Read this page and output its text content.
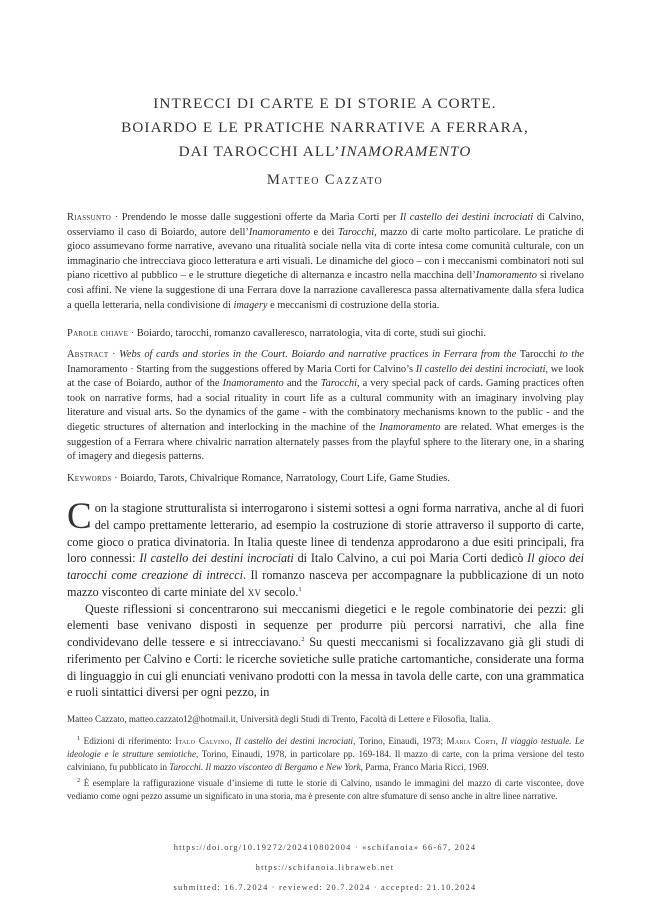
INTRECCI DI CARTE E DI STORIE A CORTE.
BOIARDO E LE PRATICHE NARRATIVE A FERRARA,
DAI TAROCCHI ALL’INAMORAMENTO
Matteo Cazzato
Riassunto · Prendendo le mosse dalle suggestioni offerte da Maria Corti per Il castello dei destini incrociati di Calvino, osserviamo il caso di Boiardo, autore dell’Inamoramento e dei Tarocchi, mazzo di carte molto particolare. Le pratiche di gioco assumevano forme narrative, avevano una ritualità sociale nella vita di corte intesa come comunità culturale, con un immaginario che intrecciava gioco letteratura e arti visuali. Le dinamiche del gioco – con i meccanismi combinatori noti sul piano ricettivo al pubblico – e le strutture diegetiche di alternanza e incastro nella macchina dell’Inamoramento si rivelano così affini. Ne viene la suggestione di una Ferrara dove la narrazione cavalleresca passa alternativamente dalla sfera ludica a quella letteraria, nella condivisione di imagery e meccanismi di costruzione della storia.
Parole chiave · Boiardo, tarocchi, romanzo cavalleresco, narratologia, vita di corte, studi sui giochi.
Abstract · Webs of cards and stories in the Court. Boiardo and narrative practices in Ferrara from the Tarocchi to the Inamoramento · Starting from the suggestions offered by Maria Corti for Calvino’s Il castello dei destini incrociati, we look at the case of Boiardo, author of the Inamoramento and the Tarocchi, a very special pack of cards. Gaming practices often took on narrative forms, had a social rituality in court life as a cultural community with an imaginary involving play literature and visual arts. So the dynamics of the game - with the combinatory mechanisms known to the public - and the diegetic structures of alternation and interlocking in the machine of the Inamoramento are related. What emerges is the suggestion of a Ferrara where chivalric narration alternately passes from the playful sphere to the literary one, in a sharing of imagery and diegesis patterns.
Keywords · Boiardo, Tarots, Chivalrique Romance, Narratology, Court Life, Game Studies.

Con la stagione strutturalista si interrogarono i sistemi sottesi a ogni forma narrativa, anche al di fuori del campo prettamente letterario, ad esempio la costruzione di storie attraverso il supporto di carte, come gioco o pratica divinatoria. In Italia queste linee di tendenza approdarono a due esiti principali, fra loro connessi: Il castello dei destini incrociati di Italo Calvino, a cui poi Maria Corti dedicò Il gioco dei tarocchi come creazione di intrecci. Il romanzo nasceva per accompagnare la pubblicazione di un noto mazzo visconteo di carte miniate del xv secolo.$^1$

Queste riflessioni si concentrarono sui meccanismi diegetici e le regole combinatorie dei pezzi: gli elementi base venivano disposti in sequenze per produrre più percorsi narrativi, che alla fine condividevano delle tessere e si intrecciavano.$^2$ Su questi meccanismi si focalizzavano già gli studi di riferimento per Calvino e Corti: le ricerche sovietiche sulle pratiche cartomantiche, considerate una forma di linguaggio in cui gli enunciati venivano prodotti con la messa in tavola delle carte, con una grammatica e ruoli sintattici diversi per ogni pezzo, in

Matteo Cazzato, matteo.cazzato12@hotmail.it, Università degli Studi di Trento, Facoltà di Lettere e Filosofia, Italia.

$^1$ Edizioni di riferimento: Italo Calvino, Il castello dei destini incrociati, Torino, Einaudi, 1973; Maria Corti, Il viaggio testuale. Le ideologie e le strutture semiotiche, Torino, Einaudi, 1978, in particolare pp. 169-184. Il mazzo di carte, con la prima versione del testo calviniano, fu pubblicato in Tarocchi. Il mazzo visconteo di Bergamo e New York, Parma, Franco Maria Ricci, 1969.

$^2$ È esemplare la raffigurazione visuale d’insieme di tutte le storie di Calvino, usando le immagini del mazzo di carte viscontee, dove vediamo come ogni pezzo assume un significato in una storia, ma è presente con altre sfumature di senso anche in altre linee narrative.

https://doi.org/10.19272/202410802004 · «schifanoia» 66-67, 2024
https://schifanoia.libraweb.net
submitted: 16.7.2024 · reviewed: 20.7.2024 · accepted: 21.10.2024
